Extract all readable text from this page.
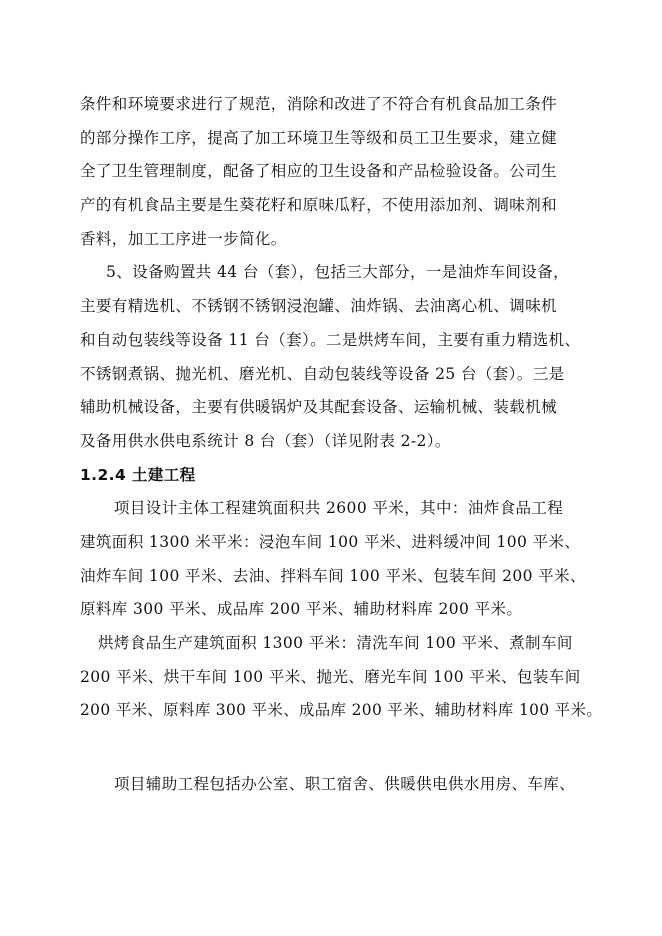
条件和环境要求进行了规范，消除和改进了不符合有机食品加工条件
的部分操作工序，提高了加工环境卫生等级和员工卫生要求，建立健
全了卫生管理制度，配备了相应的卫生设备和产品检验设备。公司生
产的有机食品主要是生葵花籽和原味瓜籽，不使用添加剂、调味剂和
香料，加工工序进一步简化。
5、设备购置共 44 台（套），包括三大部分，一是油炸车间设备，
主要有精选机、不锈钢不锈钢浸泡罐、油炸锅、去油离心机、调味机
和自动包装线等设备 11 台（套）。二是烘烤车间，主要有重力精选机、
不锈钢煮锅、抛光机、磨光机、自动包装线等设备 25 台（套）。三是
辅助机械设备，主要有供暖锅炉及其配套设备、运输机械、装载机械
及备用供水供电系统计 8 台（套）（详见附表 2-2）。
1.2.4 土建工程
项目设计主体工程建筑面积共 2600 平米，其中：油炸食品工程
建筑面积 1300 米平米：浸泡车间 100 平米、进料缓冲间 100 平米、
油炸车间 100 平米、去油、拌料车间 100 平米、包装车间 200 平米、
原料库 300 平米、成品库 200 平米、辅助材料库 200 平米。
烘烤食品生产建筑面积 1300 平米：清洗车间 100 平米、煮制车间
200 平米、烘干车间 100 平米、抛光、磨光车间 100 平米、包装车间
200 平米、原料库 300 平米、成品库 200 平米、辅助材料库 100 平米。
项目辅助工程包括办公室、职工宿舍、供暖供电供水用房、车库、
